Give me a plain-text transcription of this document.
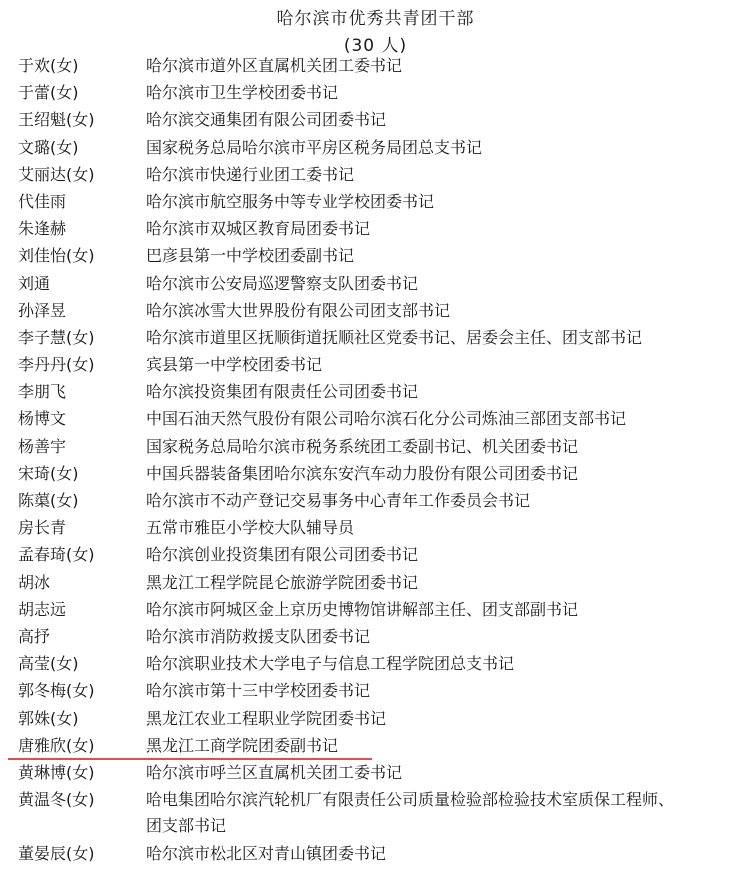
哈尔滨市优秀共青团干部
(30 人)
于欢(女)	哈尔滨市道外区直属机关团工委书记
于蕾(女)	哈尔滨市卫生学校团委书记
王绍魁(女)	哈尔滨交通集团有限公司团委书记
文璐(女)	国家税务总局哈尔滨市平房区税务局团总支书记
艾丽达(女)	哈尔滨市快递行业团工委书记
代佳雨	哈尔滨市航空服务中等专业学校团委书记
朱逢赫	哈尔滨市双城区教育局团委书记
刘佳怡(女)	巴彦县第一中学校团委副书记
刘通	哈尔滨市公安局巡逻警察支队团委书记
孙泽昱	哈尔滨冰雪大世界股份有限公司团支部书记
李子慧(女)	哈尔滨市道里区抚顺街道抚顺社区党委书记、居委会主任、团支部书记
李丹丹(女)	宾县第一中学校团委书记
李朋飞	哈尔滨投资集团有限责任公司团委书记
杨博文	中国石油天然气股份有限公司哈尔滨石化分公司炼油三部团支部书记
杨善宇	国家税务总局哈尔滨市税务系统团工委副书记、机关团委书记
宋琦(女)	中国兵器装备集团哈尔滨东安汽车动力股份有限公司团委书记
陈蕖(女)	哈尔滨市不动产登记交易事务中心青年工作委员会书记
房长青	五常市雅臣小学校大队辅导员
孟春琦(女)	哈尔滨创业投资集团有限公司团委书记
胡冰	黑龙江工程学院昆仑旅游学院团委书记
胡志远	哈尔滨市阿城区金上京历史博物馆讲解部主任、团支部副书记
高抒	哈尔滨市消防救援支队团委书记
高莹(女)	哈尔滨职业技术大学电子与信息工程学院团总支书记
郭冬梅(女)	哈尔滨市第十三中学校团委书记
郭姝(女)	黑龙江农业工程职业学院团委书记
唐雅欣(女)	黑龙江工商学院团委副书记
黄琳博(女)	哈尔滨市呼兰区直属机关团工委书记
黄温冬(女)	哈电集团哈尔滨汽轮机厂有限责任公司质量检验部检验技术室质保工程师、
团支部书记
董晏辰(女)	哈尔滨市松北区对青山镇团委书记
